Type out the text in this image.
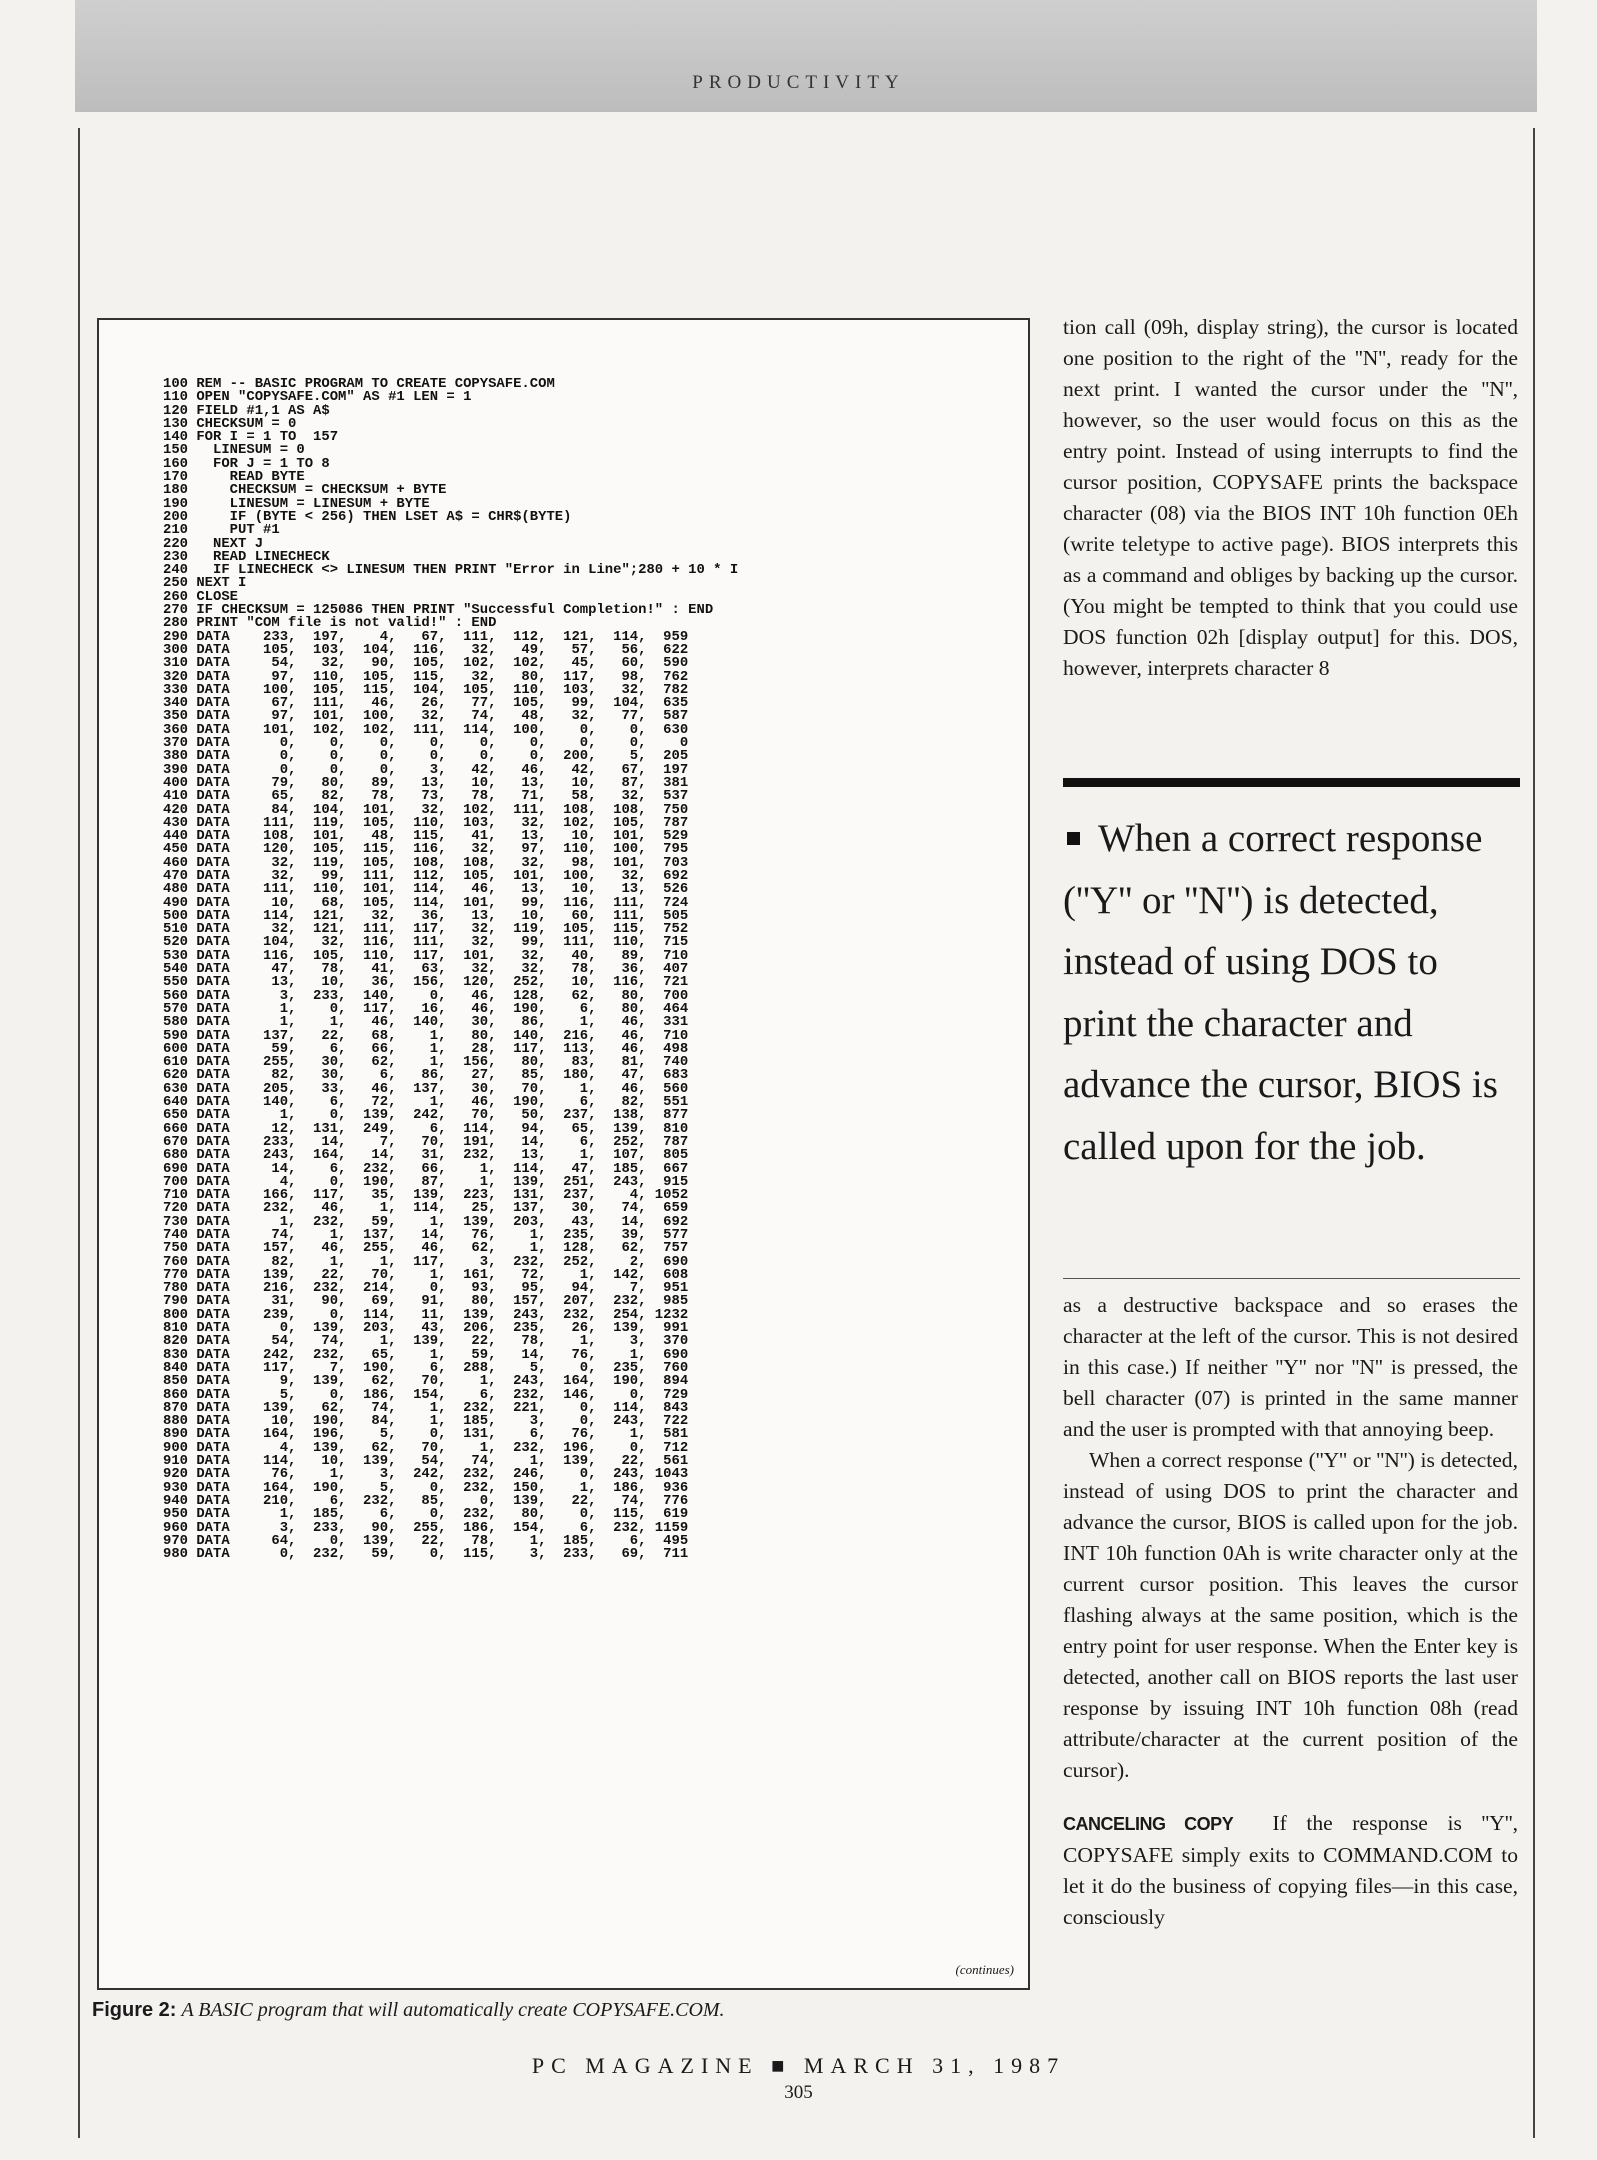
PRODUCTIVITY
100 REM -- BASIC PROGRAM TO CREATE COPYSAFE.COM
110 OPEN "COPYSAFE.COM" AS #1 LEN = 1
120 FIELD #1,1 AS A$
130 CHECKSUM = 0
140 FOR I = 1 TO  157
150   LINESUM = 0
160   FOR J = 1 TO 8
170     READ BYTE
180     CHECKSUM = CHECKSUM + BYTE
190     LINESUM = LINESUM + BYTE
200     IF (BYTE < 256) THEN LSET A$ = CHR$(BYTE)
210     PUT #1
220   NEXT J
230   READ LINECHECK
240   IF LINECHECK <> LINESUM THEN PRINT "Error in Line";280 + 10 * I
250 NEXT I
260 CLOSE
270 IF CHECKSUM = 125086 THEN PRINT "Successful Completion!" : END
280 PRINT "COM file is not valid!" : END
290 DATA    233,  197,    4,   67,  111,  112,  121,  114,  959
300 DATA    105,  103,  104,  116,   32,   49,   57,   56,  622
310 DATA     54,   32,   90,  105,  102,  102,   45,   60,  590
320 DATA     97,  110,  105,  115,   32,   80,  117,   98,  762
330 DATA    100,  105,  115,  104,  105,  110,  103,   32,  782
340 DATA     67,  111,   46,   26,   77,  105,   99,  104,  635
350 DATA     97,  101,  100,   32,   74,   48,   32,   77,  587
360 DATA    101,  102,  102,  111,  114,  100,    0,    0,  630
370 DATA      0,    0,    0,    0,    0,    0,    0,    0,    0
380 DATA      0,    0,    0,    0,    0,    0,  200,    5,  205
390 DATA      0,    0,    0,    3,   42,   46,   42,   67,  197
400 DATA     79,   80,   89,   13,   10,   13,   10,   87,  381
410 DATA     65,   82,   78,   73,   78,   71,   58,   32,  537
420 DATA     84,  104,  101,   32,  102,  111,  108,  108,  750
430 DATA    111,  119,  105,  110,  103,   32,  102,  105,  787
440 DATA    108,  101,   48,  115,   41,   13,   10,  101,  529
450 DATA    120,  105,  115,  116,   32,   97,  110,  100,  795
460 DATA     32,  119,  105,  108,  108,   32,   98,  101,  703
470 DATA     32,   99,  111,  112,  105,  101,  100,   32,  692
480 DATA    111,  110,  101,  114,   46,   13,   10,   13,  526
490 DATA     10,   68,  105,  114,  101,   99,  116,  111,  724
500 DATA    114,  121,   32,   36,   13,   10,   60,  111,  505
510 DATA     32,  121,  111,  117,   32,  119,  105,  115,  752
520 DATA    104,   32,  116,  111,   32,   99,  111,  110,  715
530 DATA    116,  105,  110,  117,  101,   32,   40,   89,  710
540 DATA     47,   78,   41,   63,   32,   32,   78,   36,  407
550 DATA     13,   10,   36,  156,  120,  252,   10,  116,  721
560 DATA      3,  233,  140,    0,   46,  128,   62,   80,  700
570 DATA      1,    0,  117,   16,   46,  190,    6,   80,  464
580 DATA      1,    1,   46,  140,   30,   86,    1,   46,  331
590 DATA    137,   22,   68,    1,   80,  140,  216,   46,  710
600 DATA     59,    6,   66,    1,   28,  117,  113,   46,  498
610 DATA    255,   30,   62,    1,  156,   80,   83,   81,  740
620 DATA     82,   30,    6,   86,   27,   85,  180,   47,  683
630 DATA    205,   33,   46,  137,   30,   70,    1,   46,  560
640 DATA    140,    6,   72,    1,   46,  190,    6,   82,  551
650 DATA      1,    0,  139,  242,   70,   50,  237,  138,  877
660 DATA     12,  131,  249,    6,  114,   94,   65,  139,  810
670 DATA    233,   14,    7,   70,  191,   14,    6,  252,  787
680 DATA    243,  164,   14,   31,  232,   13,    1,  107,  805
690 DATA     14,    6,  232,   66,    1,  114,   47,  185,  667
700 DATA      4,    0,  190,   87,    1,  139,  251,  243,  915
710 DATA    166,  117,   35,  139,  223,  131,  237,    4, 1052
720 DATA    232,   46,    1,  114,   25,  137,   30,   74,  659
730 DATA      1,  232,   59,    1,  139,  203,   43,   14,  692
740 DATA     74,    1,  137,   14,   76,    1,  235,   39,  577
750 DATA    157,   46,  255,   46,   62,    1,  128,   62,  757
760 DATA     82,    1,    1,  117,    3,  232,  252,    2,  690
770 DATA    139,   22,   70,    1,  161,   72,    1,  142,  608
780 DATA    216,  232,  214,    0,   93,   95,   94,    7,  951
790 DATA     31,   90,   69,   91,   80,  157,  207,  232,  985
800 DATA    239,    0,  114,   11,  139,  243,  232,  254, 1232
810 DATA      0,  139,  203,   43,  206,  235,   26,  139,  991
820 DATA     54,   74,    1,  139,   22,   78,    1,    3,  370
830 DATA    242,  232,   65,    1,   59,   14,   76,    1,  690
840 DATA    117,    7,  190,    6,  288,    5,    0,  235,  760
850 DATA      9,  139,   62,   70,    1,  243,  164,  190,  894
860 DATA      5,    0,  186,  154,    6,  232,  146,    0,  729
870 DATA    139,   62,   74,    1,  232,  221,    0,  114,  843
880 DATA     10,  190,   84,    1,  185,    3,    0,  243,  722
890 DATA    164,  196,    5,    0,  131,    6,   76,    1,  581
900 DATA      4,  139,   62,   70,    1,  232,  196,    0,  712
910 DATA    114,   10,  139,   54,   74,    1,  139,   22,  561
920 DATA     76,    1,    3,  242,  232,  246,    0,  243, 1043
930 DATA    164,  190,    5,    0,  232,  150,    1,  186,  936
940 DATA    210,    6,  232,   85,    0,  139,   22,   74,  776
950 DATA      1,  185,    6,    0,  232,   80,    0,  115,  619
960 DATA      3,  233,   90,  255,  186,  154,    6,  232, 1159
970 DATA     64,    0,  139,   22,   78,    1,  185,    6,  495
980 DATA      0,  232,   59,    0,  115,    3,  233,   69,  711
(continues)
Figure 2: A BASIC program that will automatically create COPYSAFE.COM.

tion call (09h, display string), the cursor is located one position to the right of the ''N'', ready for the next print. I wanted the cursor under the ''N'', however, so the user would focus on this as the entry point. Instead of using interrupts to find the cursor position, COPYSAFE prints the backspace character (08) via the BIOS INT 10h function 0Eh (write teletype to active page). BIOS interprets this as a command and obliges by backing up the cursor. (You might be tempted to think that you could use DOS function 02h [display output] for this. DOS, however, interprets character 8

When a correct response (''Y'' or ''N'') is detected, instead of using DOS to print the character and advance the cursor, BIOS is called upon for the job.

as a destructive backspace and so erases the character at the left of the cursor. This is not desired in this case.) If neither ''Y'' nor ''N'' is pressed, the bell character (07) is printed in the same manner and the user is prompted with that annoying beep.

When a correct response (''Y'' or ''N'') is detected, instead of using DOS to print the character and advance the cursor, BIOS is called upon for the job. INT 10h function 0Ah is write character only at the current cursor position. This leaves the cursor flashing always at the same position, which is the entry point for user response. When the Enter key is detected, another call on BIOS reports the last user response by issuing INT 10h function 08h (read attribute/character at the current position of the cursor).

CANCELING COPY If the response is ''Y'', COPYSAFE simply exits to COMMAND.COM to let it do the business of copying files—in this case, consciously

PC MAGAZINE ■ MARCH 31, 1987
305
